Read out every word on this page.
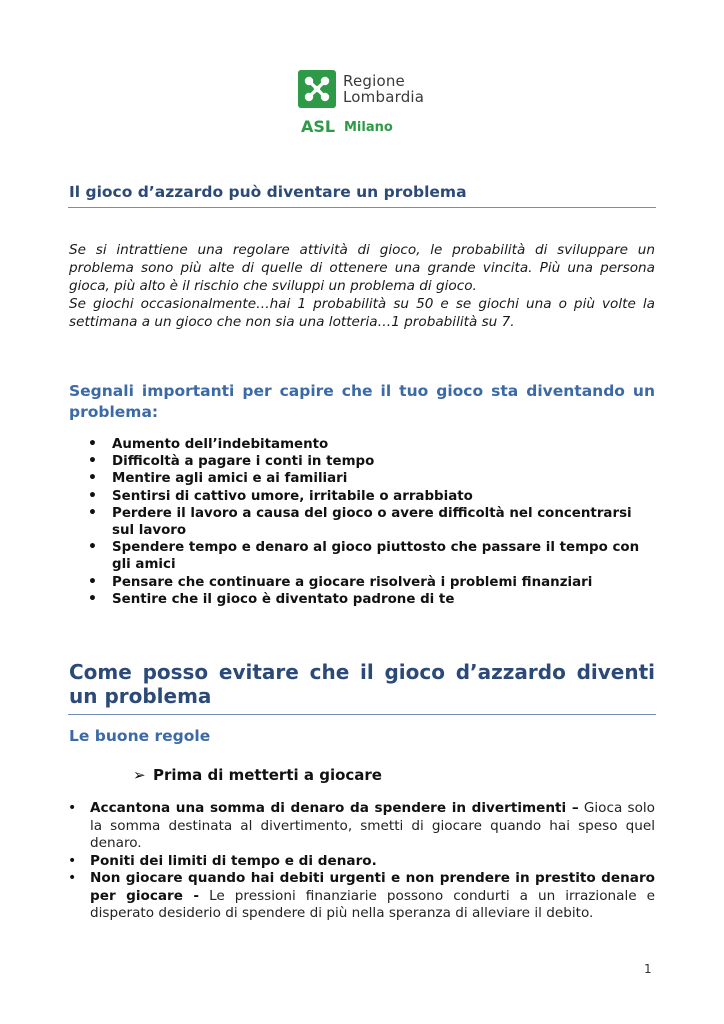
Regione
Lombardia
ASL Milano
Il gioco d’azzardo può diventare un problema

Se si intrattiene una regolare attività di gioco, le probabilità di sviluppare un problema sono più alte di quelle di ottenere una grande vincita. Più una persona gioca, più alto è il rischio che sviluppi un problema di gioco.

Se giochi occasionalmente…hai 1 probabilità su 50 e se giochi una o più volte la settimana a un gioco che non sia una lotteria…1 probabilità su 7.

Segnali importanti per capire che il tuo gioco sta diventando un problema:
• Aumento dell’indebitamento
• Difficoltà a pagare i conti in tempo
• Mentire agli amici e ai familiari
• Sentirsi di cattivo umore, irritabile o arrabbiato
• Perdere il lavoro a causa del gioco o avere difficoltà nel concentrarsi sul lavoro
• Spendere tempo e denaro al gioco piuttosto che passare il tempo con gli amici
• Pensare che continuare a giocare risolverà i problemi finanziari
• Sentire che il gioco è diventato padrone di te
Come posso evitare che il gioco d’azzardo diventi un problema
Le buone regole
➢ Prima di metterti a giocare
• Accantona una somma di denaro da spendere in divertimenti – Gioca solo la somma destinata al divertimento, smetti di giocare quando hai speso quel denaro.
• Poniti dei limiti di tempo e di denaro.
• Non giocare quando hai debiti urgenti e non prendere in prestito denaro per giocare - Le pressioni finanziarie possono condurti a un irrazionale e disperato desiderio di spendere di più nella speranza di alleviare il debito.
1
